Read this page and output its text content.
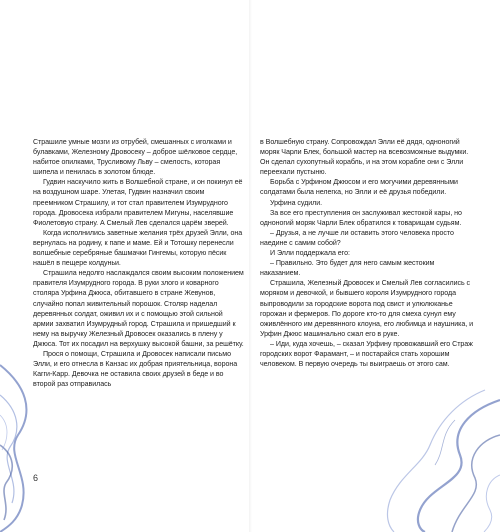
Страшиле умные мозги из отрубей, смешанных с иголками и булавками, Железному Дровосеку – доброе шёлковое сердце, набитое опилками, Трусливому Льву – смелость, которая шипела и пенилась в золотом блюде.

Гудвин наскучило жить в Волшебной стране, и он покинул её на воздушном шаре. Улетая, Гудвин назначил своим преемником Страшилу, и тот стал правителем Изумрудного города. Дровосека избрали правителем Мигуны, населявшие Фиолетовую страну. А Смелый Лев сделался царём зверей.

Когда исполнились заветные желания трёх друзей Элли, она вернулась на родину, к папе и маме. Ей и Тотошку перенесли волшебные серебряные башмачки Гингемы, которую пёсик нашёл в пещере колдуньи.

Страшила недолго наслаждался своим высоким положением правителя Изумрудного города. В руки злого и коварного столяра Урфина Джюса, обитавшего в стране Жевунов, случайно попал живительный порошок. Столяр наделал деревянных солдат, оживил их и с помощью этой сильной армии захватил Изумрудный город. Страшила и пришедший к нему на выручку Железный Дровосек оказались в плену у Джюса. Тот их посадил на верхушку высокой башни, за решётку.

Прося о помощи, Страшила и Дровосек написали письмо Элли, и его отнесла в Канзас их добрая приятельница, ворона Кагги-Карр. Девочка не оставила своих друзей в беде и во второй раз отправилась

6

в Волшебную страну. Сопровождал Элли её дядя, одноногий моряк Чарли Блек, большой мастер на всевозможные выдумки. Он сделал сухопутный корабль, и на этом корабле они с Элли переехали пустыню.

Борьба с Урфином Джюсом и его могучими деревянными солдатами была нелегка, но Элли и её друзья победили.

Урфина судили.

За все его преступления он заслуживал жестокой кары, но одноногий моряк Чарли Блек обратился к товарищам судьям.

– Друзья, а не лучше ли оставить этого человека просто наедине с самим собой?

И Элли поддержала его:

– Правильно. Это будет для него самым жестоким наказанием.

Страшила, Железный Дровосек и Смелый Лев согласились с моряком и девочкой, и бывшего короля Изумрудного города выпроводили за городские ворота под свист и улюлюканье горожан и фермеров. По дороге кто-то для смеха сунул ему оживлённого им деревянного клоуна, его любимца и наушника, и Урфин Джюс машинально сжал его в руке.

– Иди, куда хочешь, – сказал Урфину провожавший его Страж городских ворот Фарамант, – и постарайся стать хорошим человеком. В первую очередь ты выиграешь от этого сам.
